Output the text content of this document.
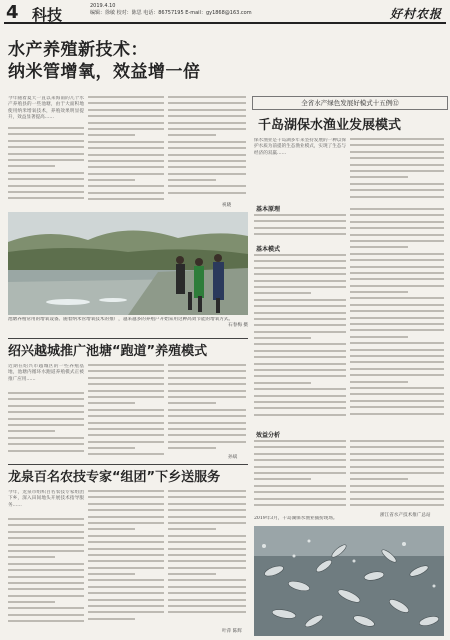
4 科技	2019.4.10
编辑：徐敏 校对：陈思 电话：86757195 E-mail：gy1868@163.com	好村农报
水产养殖新技术：
纳米管增氧，效益增一倍
今年随着夏天一直以来海南的几个水产养殖县的一些池塘，由于大面积地使用纳米增氧技术，养殖效果明显提升，效益显著提高……
祝晓
全省水产绿色发展好模式十五例⑫
千岛湖保水渔业发展模式
保水渔业是千岛湖多年来坚持发展的一种以保护水质为前提的生态渔业模式，实现了生态与经济的双赢……
基本原理
基本模式
效益分析
浙江省水产技术推广总站
池塘养殖常用的增氧设备。随着纳米管增氧技术的推广，越来越多的养殖户开始采用这种高效节能的增氧方式。
石春梅 摄
绍兴越城推广池塘“跑道”养殖模式
近期在绍兴市越城区的一些养殖基地，池塘内循环水跑道养殖模式正被推广应用……
孙斌
龙泉百名农技专家“组团”下乡送服务
今年，龙泉市组织百名农技专家组团下乡，深入田间地头开展技术指导服务……
叶萍 陈辉
2019年3月，千岛湖保水渔业捕捞现场。
